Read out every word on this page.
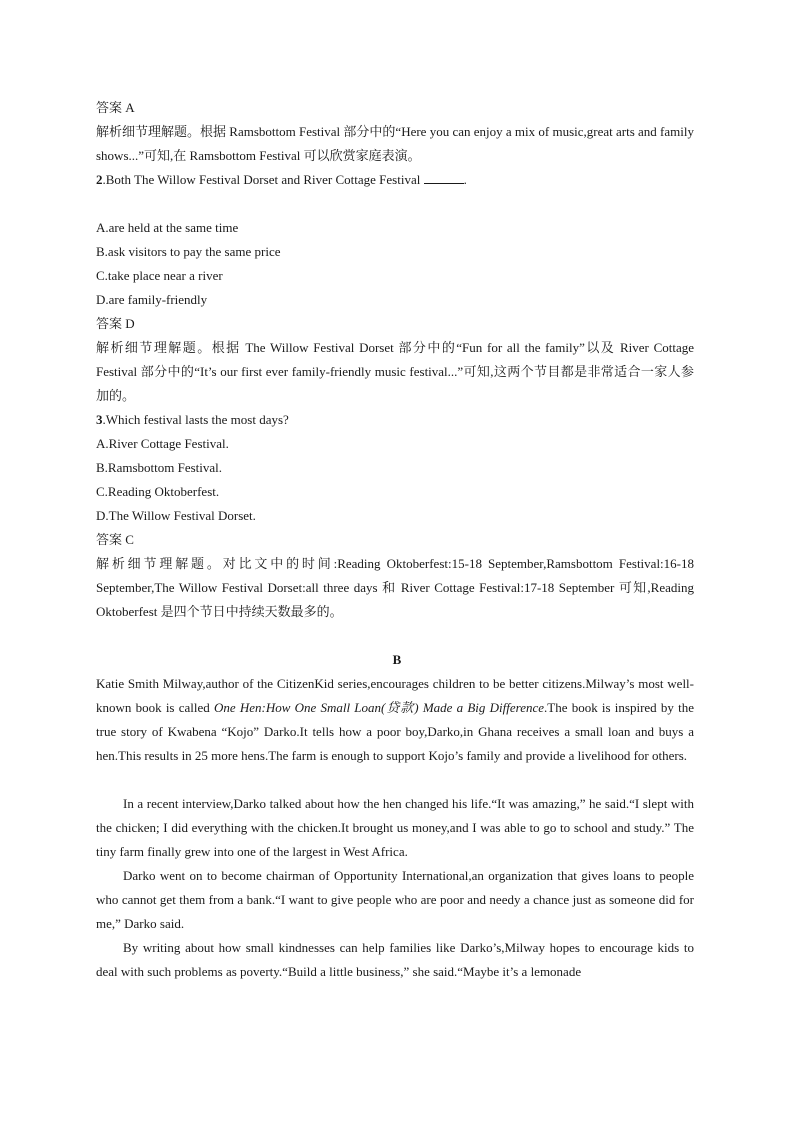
答案 A
解析细节理解题。根据 Ramsbottom Festival 部分中的“Here you can enjoy a mix of music,great arts and family shows...”可知,在 Ramsbottom Festival 可以欣赏家庭表演。
2.Both The Willow Festival Dorset and River Cottage Festival	.
A.are held at the same time
B.ask visitors to pay the same price
C.take place near a river
D.are family-friendly
答案 D
解析细节理解题。根据 The Willow Festival Dorset 部分中的“Fun for all the family”以及 River Cottage Festival 部分中的“It’s our first ever family-friendly music festival...”可知,这两个节目都是非常适合一家人参加的。
3.Which festival lasts the most days?
A.River Cottage Festival.
B.Ramsbottom Festival.
C.Reading Oktoberfest.
D.The Willow Festival Dorset.
答案 C
解析细节理解题。对比文中的时间:Reading Oktoberfest:15-18 September,Ramsbottom Festival:16-18 September,The Willow Festival Dorset:all three days 和 River Cottage Festival:17-18 September 可知,Reading Oktoberfest 是四个节日中持续天数最多的。
B
Katie Smith Milway,author of the CitizenKid series,encourages children to be better citizens.Milway’s most well-known book is called One Hen:How One Small Loan(贷款) Made a Big Difference.The book is inspired by the true story of Kwabena “Kojo” Darko.It tells how a poor boy,Darko,in Ghana receives a small loan and buys a hen.This results in 25 more hens.The farm is enough to support Kojo’s family and provide a livelihood for others.
In a recent interview,Darko talked about how the hen changed his life.“It was amazing,” he said.“I slept with the chicken; I did everything with the chicken.It brought us money,and I was able to go to school and study.” The tiny farm finally grew into one of the largest in West Africa.
Darko went on to become chairman of Opportunity International,an organization that gives loans to people who cannot get them from a bank.“I want to give people who are poor and needy a chance just as someone did for me,” Darko said.
By writing about how small kindnesses can help families like Darko’s,Milway hopes to encourage kids to deal with such problems as poverty.“Build a little business,” she said.“Maybe it’s a lemonade
